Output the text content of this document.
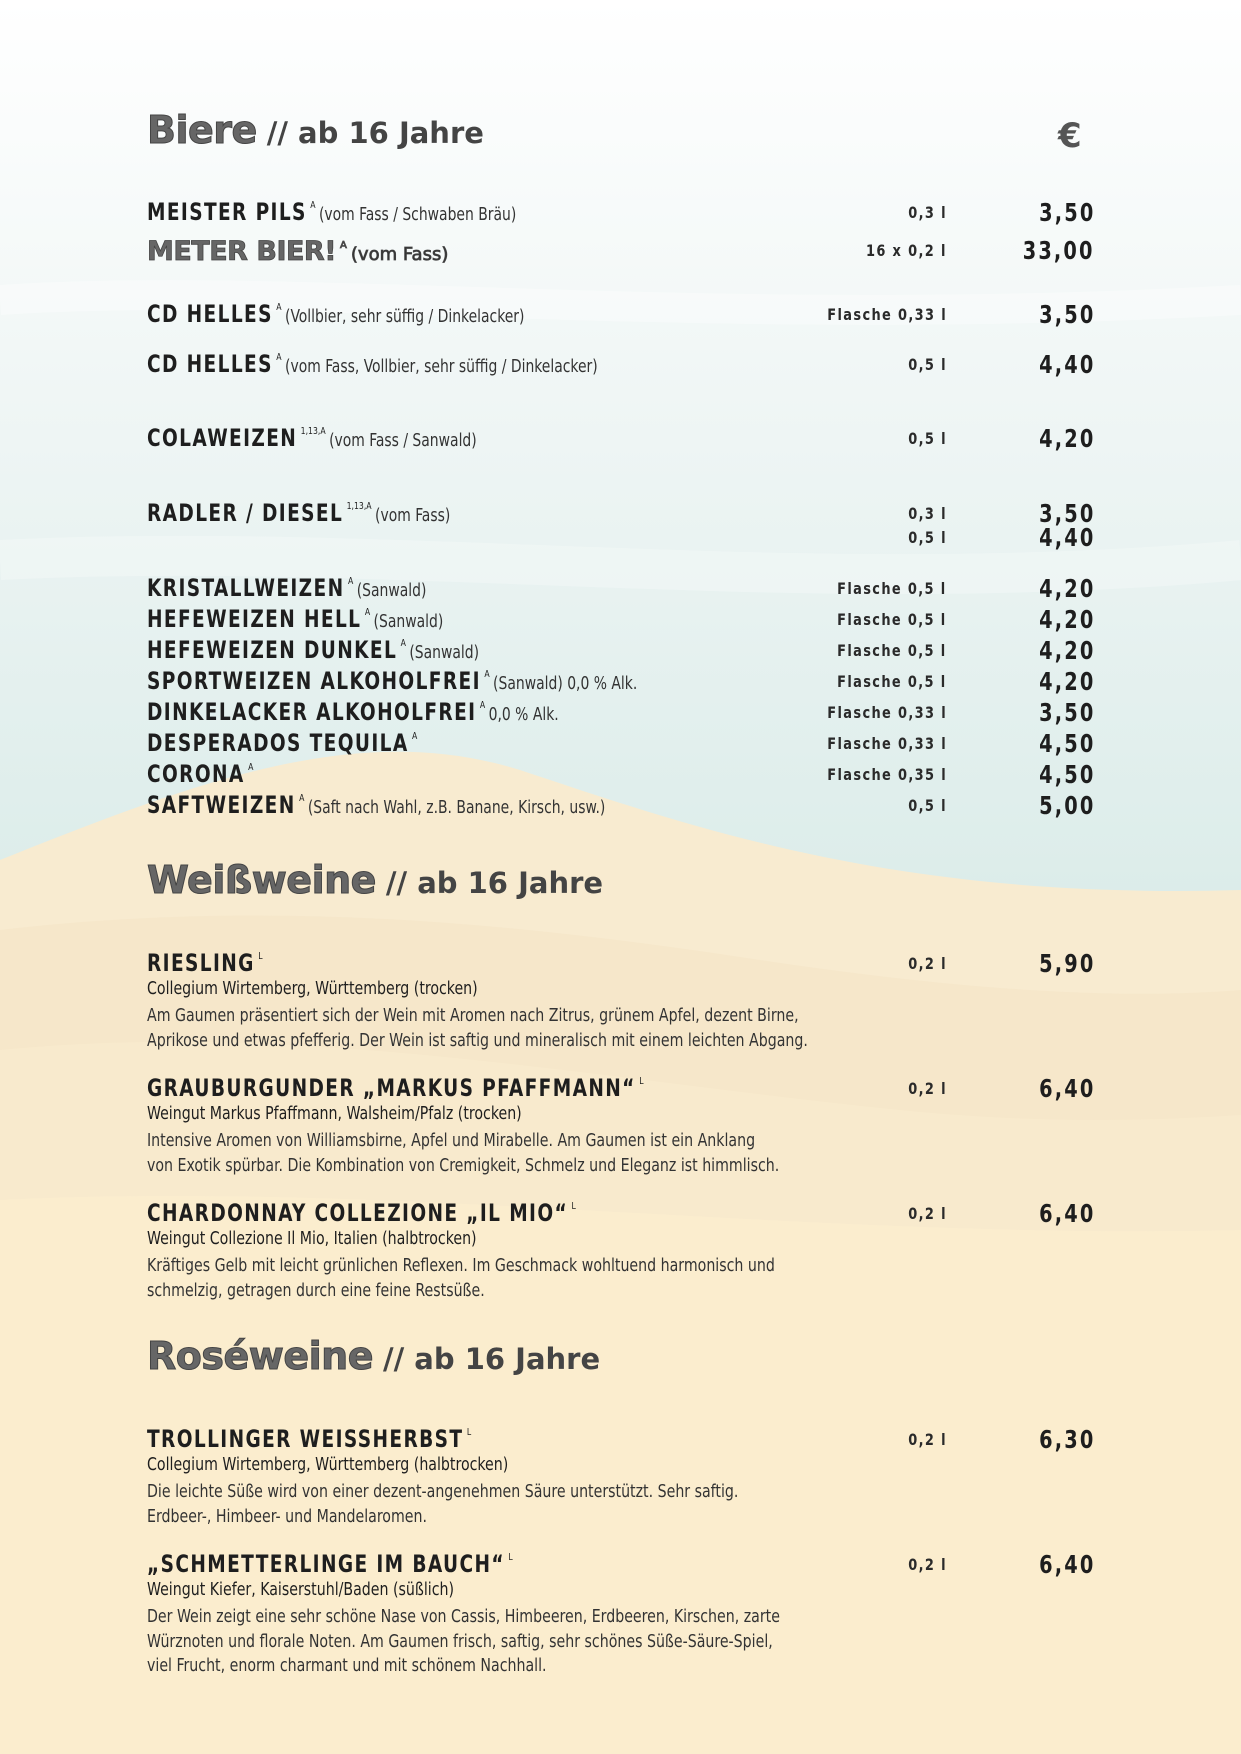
Biere // ab 16 Jahre	€
Weißweine // ab 16 Jahre
Roséweine // ab 16 Jahre
MEISTER PILS $^A$ (vom Fass / Schwaben Bräu)	0,3 l	3,50
METER BIER! $^A$ (vom Fass)	16 x 0,2 l	33,00
CD HELLES $^A$ (Vollbier, sehr süffig / Dinkelacker)	Flasche 0,33 l	3,50
CD HELLES $^A$ (vom Fass, Vollbier, sehr süffig / Dinkelacker)	0,5 l	4,40
COLAWEIZEN $^{1,13,A}$ (vom Fass / Sanwald)	0,5 l	4,20
RADLER / DIESEL $^{1,13,A}$ (vom Fass)	0,3 l	3,50
0,5 l	4,40
KRISTALLWEIZEN $^A$ (Sanwald)	Flasche 0,5 l	4,20
HEFEWEIZEN HELL $^A$ (Sanwald)	Flasche 0,5 l	4,20
HEFEWEIZEN DUNKEL $^A$ (Sanwald)	Flasche 0,5 l	4,20
SPORTWEIZEN ALKOHOLFREI $^A$ (Sanwald) 0,0 % Alk.	Flasche 0,5 l	4,20
DINKELACKER ALKOHOLFREI $^A$ 0,0 % Alk.	Flasche 0,33 l	3,50
DESPERADOS TEQUILA $^A$	Flasche 0,33 l	4,50
CORONA $^A$	Flasche 0,35 l	4,50
SAFTWEIZEN $^A$ (Saft nach Wahl, z.B. Banane, Kirsch, usw.)	0,5 l	5,00
RIESLING $^L$	0,2 l	5,90
Collegium Wirtemberg, Württemberg (trocken)
Am Gaumen präsentiert sich der Wein mit Aromen nach Zitrus, grünem Apfel, dezent Birne,
Aprikose und etwas pfefferig. Der Wein ist saftig und mineralisch mit einem leichten Abgang.
GRAUBURGUNDER „MARKUS PFAFFMANN“ $^L$	0,2 l	6,40
Weingut Markus Pfaffmann, Walsheim/Pfalz (trocken)
Intensive Aromen von Williamsbirne, Apfel und Mirabelle. Am Gaumen ist ein Anklang
von Exotik spürbar. Die Kombination von Cremigkeit, Schmelz und Eleganz ist himmlisch.
CHARDONNAY COLLEZIONE „IL MIO“ $^L$	0,2 l	6,40
Weingut Collezione Il Mio, Italien (halbtrocken)
Kräftiges Gelb mit leicht grünlichen Reflexen. Im Geschmack wohltuend harmonisch und
schmelzig, getragen durch eine feine Restsüße.
TROLLINGER WEISSHERBST $^L$	0,2 l	6,30
Collegium Wirtemberg, Württemberg (halbtrocken)
Die leichte Süße wird von einer dezent-angenehmen Säure unterstützt. Sehr saftig.
Erdbeer-, Himbeer- und Mandelaromen.
„SCHMETTERLINGE IM BAUCH“ $^L$	0,2 l	6,40
Weingut Kiefer, Kaiserstuhl/Baden (süßlich)
Der Wein zeigt eine sehr schöne Nase von Cassis, Himbeeren, Erdbeeren, Kirschen, zarte
Würznoten und florale Noten. Am Gaumen frisch, saftig, sehr schönes Süße-Säure-Spiel,
viel Frucht, enorm charmant und mit schönem Nachhall.
